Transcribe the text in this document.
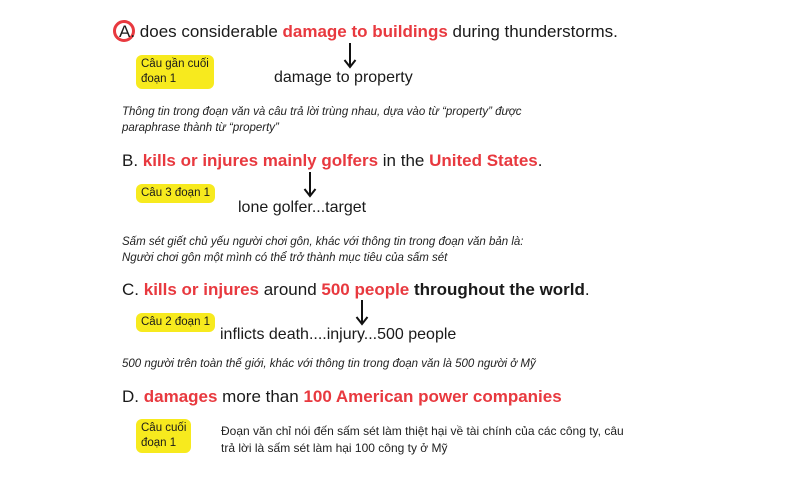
A. does considerable damage to buildings during thunderstorms.
Câu gần cuối
đoạn 1	damage to property
Thông tin trong đoạn văn và câu trả lời trùng nhau, dựa vào từ “property” được
paraphrase thành từ “property”
B. kills or injures mainly golfers in the United States.
Câu 3 đoạn 1
lone golfer...target
Sấm sét giết chủ yếu người chơi gôn, khác với thông tin trong đoạn văn bản là:
Người chơi gôn một mình có thể trở thành mục tiêu của sấm sét
C. kills or injures around 500 people throughout the world.
Câu 2 đoạn 1
inflicts death....injury...500 people
500 người trên toàn thế giới, khác với thông tin trong đoạn văn là 500 người ở Mỹ
D. damages more than 100 American power companies
Câu cuối
đoạn 1
Đoạn văn chỉ nói đến sấm sét làm thiệt hại về tài chính của các công ty, câu
trả lời là sấm sét làm hại 100 công ty ở Mỹ
